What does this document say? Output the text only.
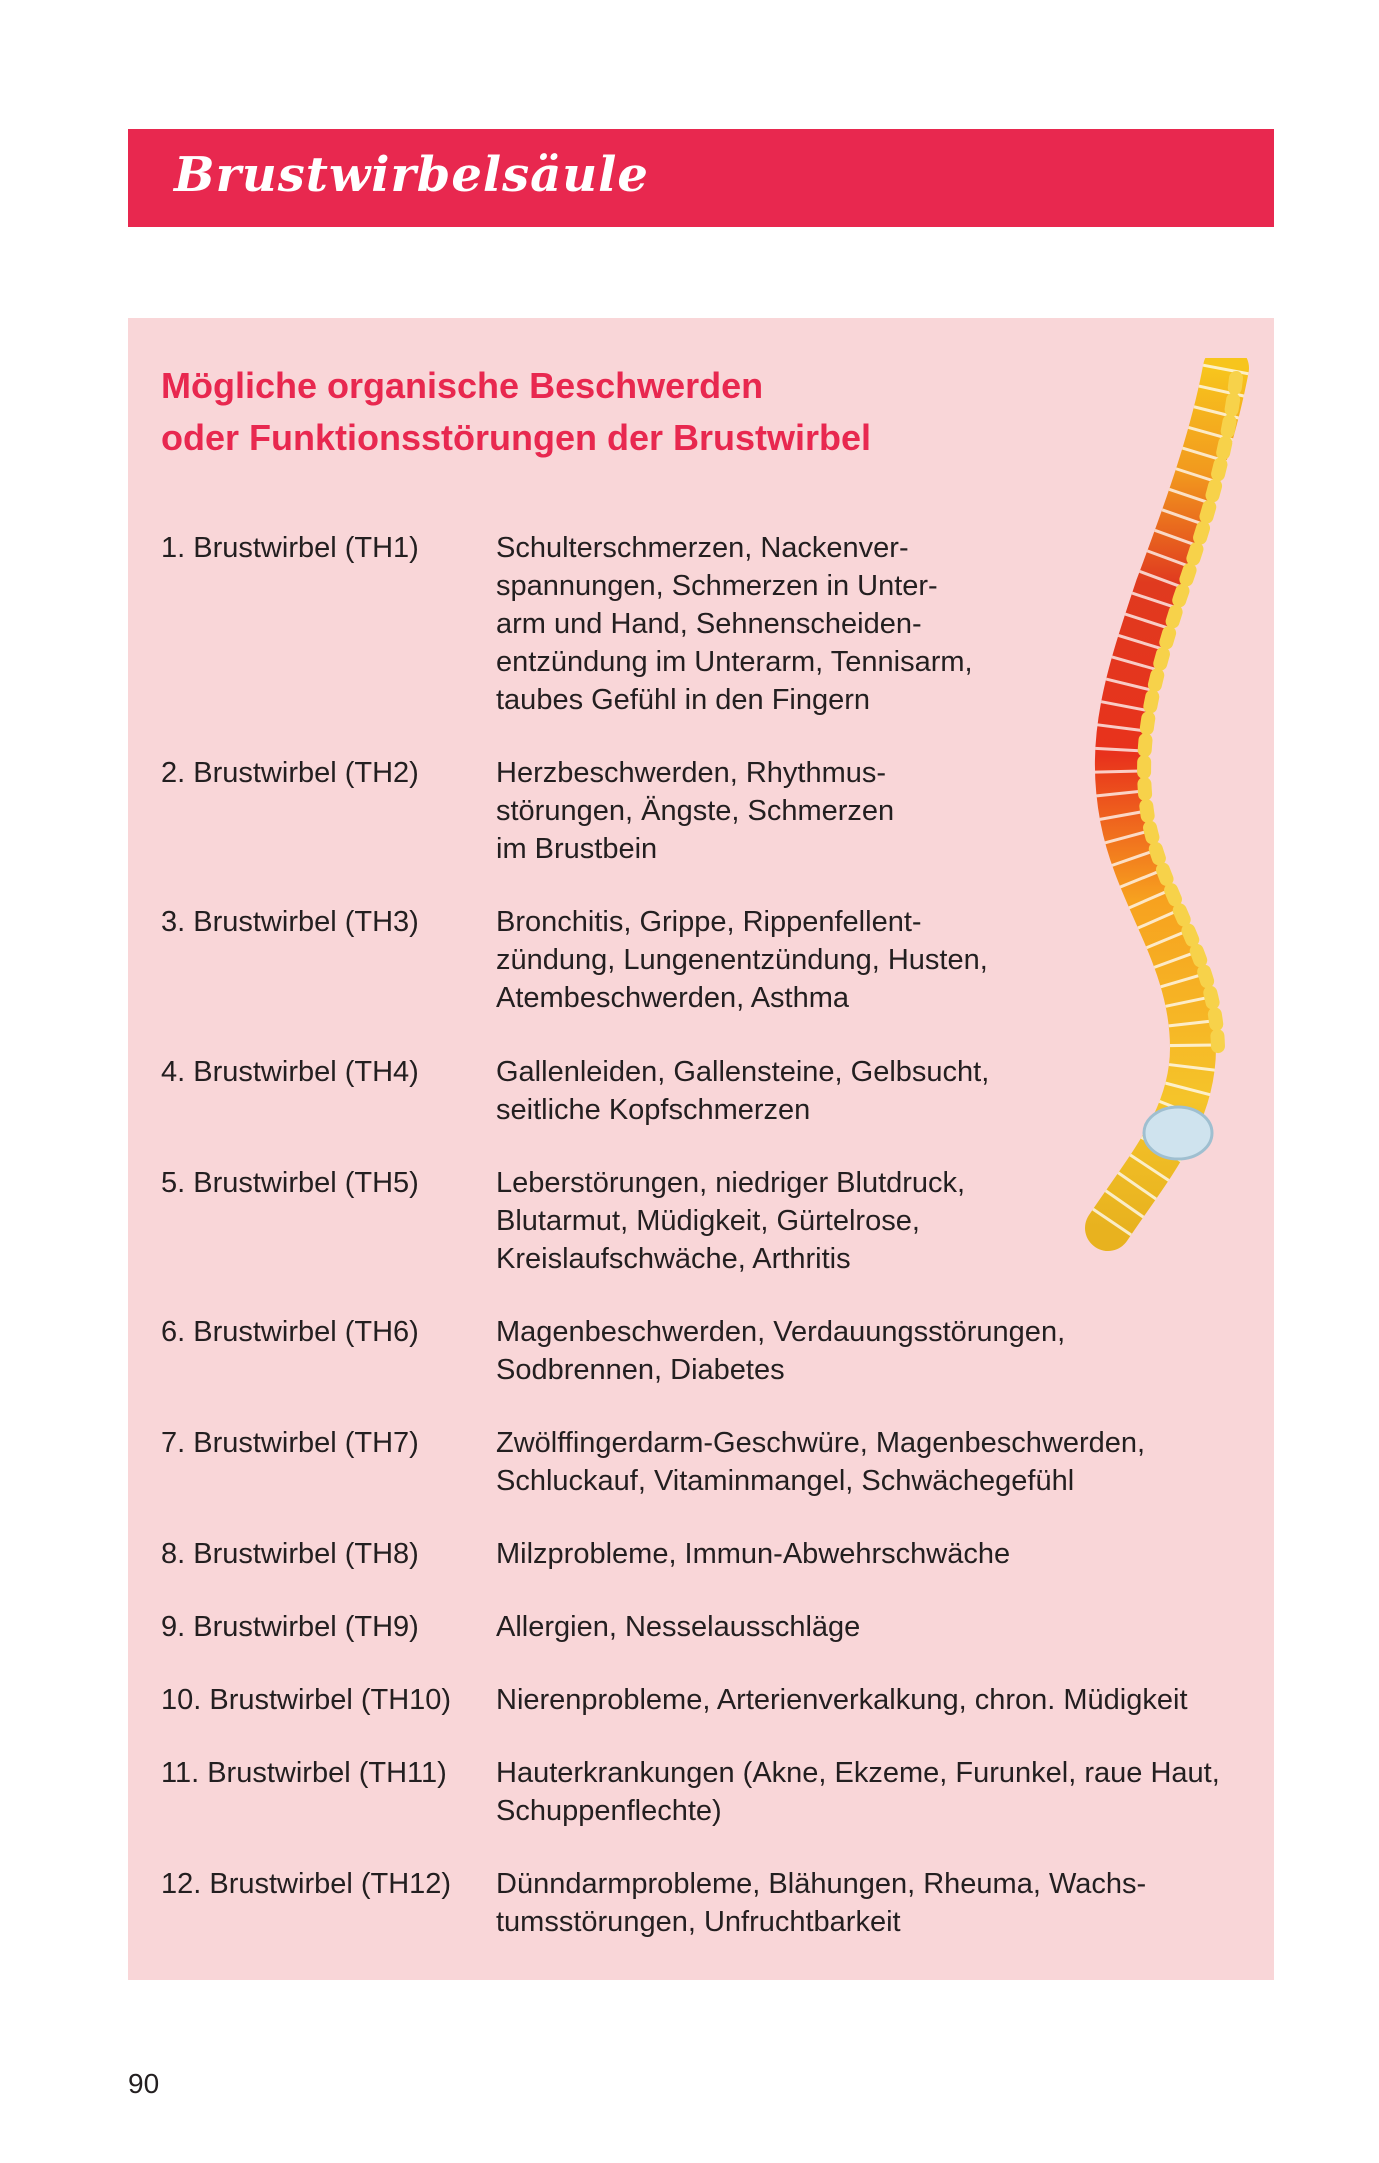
Brustwirbelsäule
Mögliche organische Beschwerden
oder Funktionsstörungen der Brustwirbel
1. Brustwirbel (TH1)	Schulterschmerzen, Nackenver-
spannungen, Schmerzen in Unter-
arm und Hand, Sehnenscheiden-
entzündung im Unterarm, Tennisarm,
taubes Gefühl in den Fingern
2. Brustwirbel (TH2)	Herzbeschwerden, Rhythmus-
störungen, Ängste, Schmerzen
im Brustbein
3. Brustwirbel (TH3)	Bronchitis, Grippe, Rippenfellent-
zündung, Lungenentzündung, Husten,
Atembeschwerden, Asthma
4. Brustwirbel (TH4)	Gallenleiden, Gallensteine, Gelbsucht,
seitliche Kopfschmerzen
5. Brustwirbel (TH5)	Leberstörungen, niedriger Blutdruck,
Blutarmut, Müdigkeit, Gürtelrose,
Kreislaufschwäche, Arthritis
6. Brustwirbel (TH6)	Magenbeschwerden, Verdauungsstörungen,
Sodbrennen, Diabetes
7. Brustwirbel (TH7)	Zwölffingerdarm-Geschwüre, Magenbeschwerden,
Schluckauf, Vitaminmangel, Schwächegefühl
8. Brustwirbel (TH8)	Milzprobleme, Immun-Abwehrschwäche
9. Brustwirbel (TH9)	Allergien, Nesselausschläge
10. Brustwirbel (TH10)	Nierenprobleme, Arterienverkalkung, chron. Müdigkeit
11. Brustwirbel (TH11)	Hauterkrankungen (Akne, Ekzeme, Furunkel, raue Haut,
Schuppenflechte)
12. Brustwirbel (TH12)	Dünndarmprobleme, Blähungen, Rheuma, Wachs-
tumsstörungen, Unfruchtbarkeit
90
